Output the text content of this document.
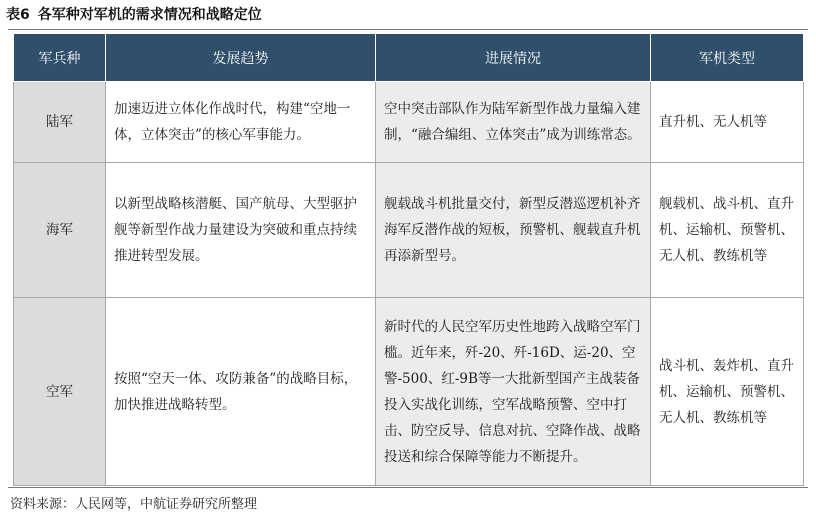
表6 各军种对军机的需求情况和战略定位
军兵种	发展趋势	进展情况	军机类型
陆军	加速迈进立体化作战时代，构建“空地一体，立体突击”的核心军事能力。	空中突击部队作为陆军新型作战力量编入建制，“融合编组、立体突击”成为训练常态。	直升机、无人机等
海军	以新型战略核潜艇、国产航母、大型驱护舰等新型作战力量建设为突破和重点持续推进转型发展。	舰载战斗机批量交付，新型反潜巡逻机补齐海军反潜作战的短板，预警机、舰载直升机再添新型号。	舰载机、战斗机、直升机、运输机、预警机、无人机、教练机等
空军	按照“空天一体、攻防兼备”的战略目标，加快推进战略转型。	新时代的人民空军历史性地跨入战略空军门槛。近年来，歼-20、歼-16D、运-20、空警-500、红-9B等一大批新型国产主战装备投入实战化训练，空军战略预警、空中打击、防空反导、信息对抗、空降作战、战略投送和综合保障等能力不断提升。	战斗机、轰炸机、直升机、运输机、预警机、无人机、教练机等
资料来源：人民网等，中航证券研究所整理
